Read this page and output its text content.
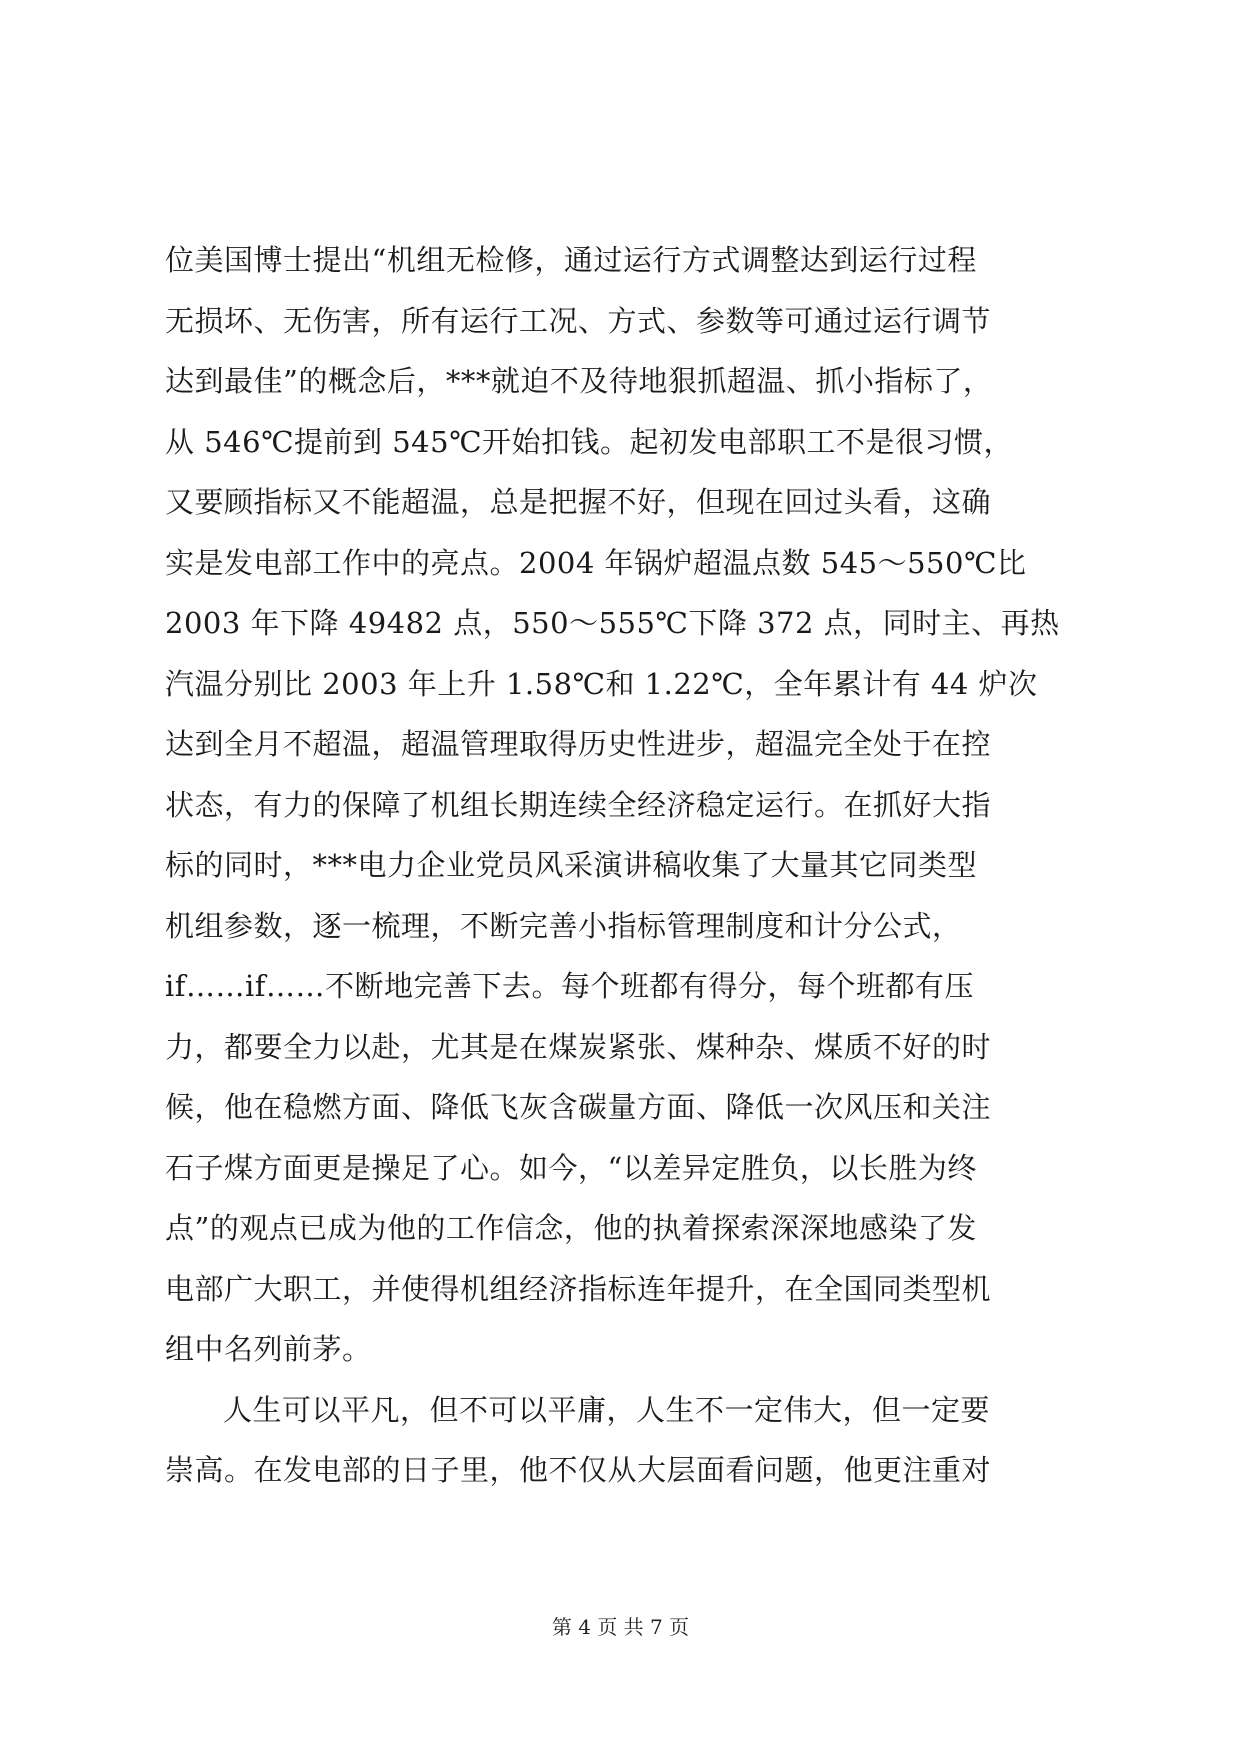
位美国博士提出“机组无检修，通过运行方式调整达到运行过程
无损坏、无伤害，所有运行工况、方式、参数等可通过运行调节
达到最佳”的概念后，***就迫不及待地狠抓超温、抓小指标了，
从 546℃提前到 545℃开始扣钱。起初发电部职工不是很习惯，
又要顾指标又不能超温，总是把握不好，但现在回过头看，这确
实是发电部工作中的亮点。2004 年锅炉超温点数 545～550℃比
2003 年下降 49482 点，550～555℃下降 372 点，同时主、再热
汽温分别比 2003 年上升 1.58℃和 1.22℃，全年累计有 44 炉次
达到全月不超温，超温管理取得历史性进步，超温完全处于在控
状态，有力的保障了机组长期连续全经济稳定运行。在抓好大指
标的同时，***电力企业党员风采演讲稿收集了大量其它同类型
机组参数，逐一梳理，不断完善小指标管理制度和计分公式，
if……if……不断地完善下去。每个班都有得分，每个班都有压
力，都要全力以赴，尤其是在煤炭紧张、煤种杂、煤质不好的时
候，他在稳燃方面、降低飞灰含碳量方面、降低一次风压和关注
石子煤方面更是操足了心。如今，“以差异定胜负，以长胜为终
点”的观点已成为他的工作信念，他的执着探索深深地感染了发
电部广大职工，并使得机组经济指标连年提升，在全国同类型机
组中名列前茅。
人生可以平凡，但不可以平庸，人生不一定伟大，但一定要
崇高。在发电部的日子里，他不仅从大层面看问题，他更注重对
第 4 页 共 7 页
